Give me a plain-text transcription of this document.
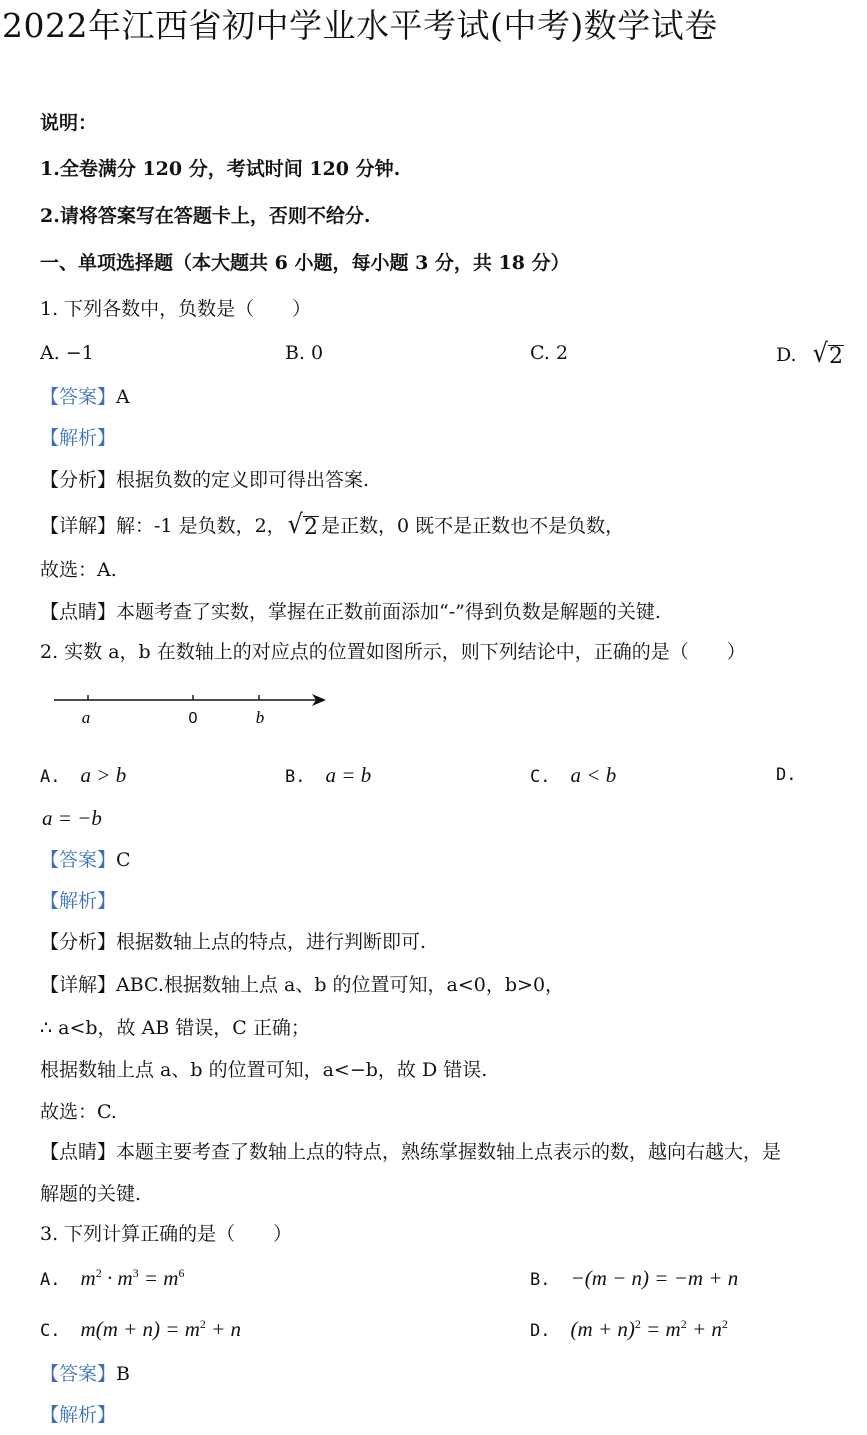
2022年江西省初中学业水平考试(中考)数学试卷
说明：
1.全卷满分 120 分，考试时间 120 分钟.
2.请将答案写在答题卡上，否则不给分.
一、单项选择题（本大题共 6 小题，每小题 3 分，共 18 分）
1. 下列各数中，负数是（　　）
A. −1	B. 0	C. 2	D. √ 2
【答案】A
【解析】
【分析】根据负数的定义即可得出答案.
【详解】解：-1 是负数，2， √ 2 是正数，0 既不是正数也不是负数，
故选：A.
【点睛】本题考查了实数，掌握在正数前面添加“-”得到负数是解题的关键.
2. 实数 a，b 在数轴上的对应点的位置如图所示，则下列结论中，正确的是（　　）
a	0	b
A. a > b	B. a = b	C. a < b	D.
a = −b
【答案】C
【解析】
【分析】根据数轴上点的特点，进行判断即可.
【详解】ABC.根据数轴上点 a、b 的位置可知，a<0，b>0，
∴ a<b，故 AB 错误，C 正确；
根据数轴上点 a、b 的位置可知，a<−b，故 D 错误.
故选：C.
【点睛】本题主要考查了数轴上点的特点，熟练掌握数轴上点表示的数，越向右越大，是
解题的关键.
3. 下列计算正确的是（　　）
A. $m^2 \cdot m^3 = m^6$	B. −(m − n) = −m + n
C. $m(m + n) = m^2 + n$	D. $(m + n)^2 = m^2 + n^2$
【答案】B
【解析】
